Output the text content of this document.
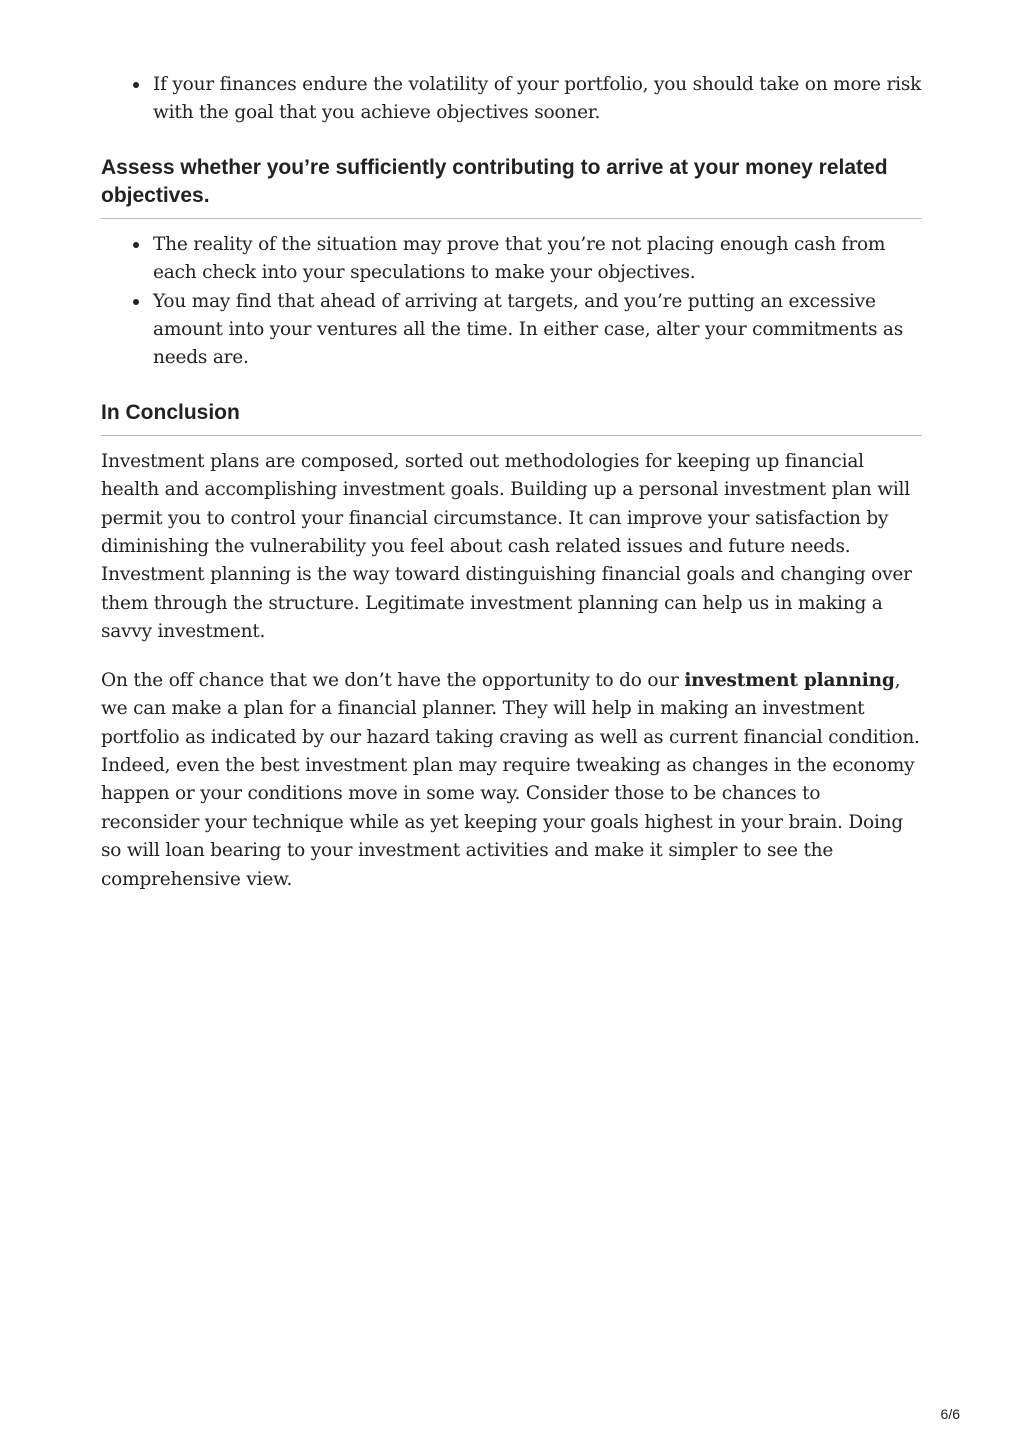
If your finances endure the volatility of your portfolio, you should take on more risk with the goal that you achieve objectives sooner.
Assess whether you’re sufficiently contributing to arrive at your money related objectives.
The reality of the situation may prove that you’re not placing enough cash from each check into your speculations to make your objectives.
You may find that ahead of arriving at targets, and you’re putting an excessive amount into your ventures all the time. In either case, alter your commitments as needs are.
In Conclusion

Investment plans are composed, sorted out methodologies for keeping up financial health and accomplishing investment goals. Building up a personal investment plan will permit you to control your financial circumstance. It can improve your satisfaction by diminishing the vulnerability you feel about cash related issues and future needs. Investment planning is the way toward distinguishing financial goals and changing over them through the structure. Legitimate investment planning can help us in making a savvy investment.

On the off chance that we don’t have the opportunity to do our investment planning, we can make a plan for a financial planner. They will help in making an investment portfolio as indicated by our hazard taking craving as well as current financial condition. Indeed, even the best investment plan may require tweaking as changes in the economy happen or your conditions move in some way. Consider those to be chances to reconsider your technique while as yet keeping your goals highest in your brain. Doing so will loan bearing to your investment activities and make it simpler to see the comprehensive view.

6/6
